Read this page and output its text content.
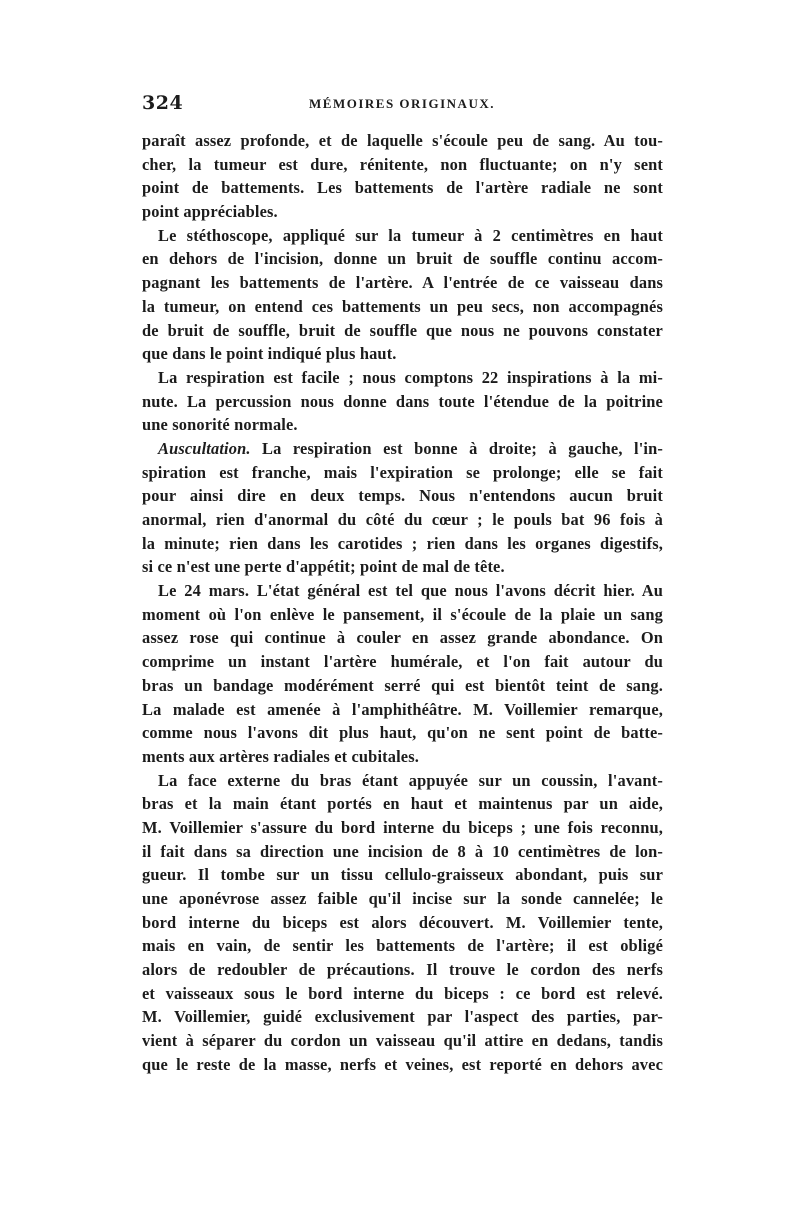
324	MÉMOIRES ORIGINAUX.
paraît assez profonde, et de laquelle s'écoule peu de sang. Au tou-
cher, la tumeur est dure, rénitente, non fluctuante; on n'y sent
point de battements. Les battements de l'artère radiale ne sont
point appréciables.
Le stéthoscope, appliqué sur la tumeur à 2 centimètres en haut
en dehors de l'incision, donne un bruit de souffle continu accom-
pagnant les battements de l'artère. A l'entrée de ce vaisseau dans
la tumeur, on entend ces battements un peu secs, non accompagnés
de bruit de souffle, bruit de souffle que nous ne pouvons constater
que dans le point indiqué plus haut.
La respiration est facile ; nous comptons 22 inspirations à la mi-
nute. La percussion nous donne dans toute l'étendue de la poitrine
une sonorité normale.
Auscultation. La respiration est bonne à droite; à gauche, l'in-
spiration est franche, mais l'expiration se prolonge; elle se fait
pour ainsi dire en deux temps. Nous n'entendons aucun bruit
anormal, rien d'anormal du côté du cœur ; le pouls bat 96 fois à
la minute; rien dans les carotides ; rien dans les organes digestifs,
si ce n'est une perte d'appétit; point de mal de tête.
Le 24 mars. L'état général est tel que nous l'avons décrit hier. Au
moment où l'on enlève le pansement, il s'écoule de la plaie un sang
assez rose qui continue à couler en assez grande abondance. On
comprime un instant l'artère humérale, et l'on fait autour du
bras un bandage modérément serré qui est bientôt teint de sang.
La malade est amenée à l'amphithéâtre. M. Voillemier remarque,
comme nous l'avons dit plus haut, qu'on ne sent point de batte-
ments aux artères radiales et cubitales.
La face externe du bras étant appuyée sur un coussin, l'avant-
bras et la main étant portés en haut et maintenus par un aide,
M. Voillemier s'assure du bord interne du biceps ; une fois reconnu,
il fait dans sa direction une incision de 8 à 10 centimètres de lon-
gueur. Il tombe sur un tissu cellulo-graisseux abondant, puis sur
une aponévrose assez faible qu'il incise sur la sonde cannelée; le
bord interne du biceps est alors découvert. M. Voillemier tente,
mais en vain, de sentir les battements de l'artère; il est obligé
alors de redoubler de précautions. Il trouve le cordon des nerfs
et vaisseaux sous le bord interne du biceps : ce bord est relevé.
M. Voillemier, guidé exclusivement par l'aspect des parties, par-
vient à séparer du cordon un vaisseau qu'il attire en dedans, tandis
que le reste de la masse, nerfs et veines, est reporté en dehors avec
